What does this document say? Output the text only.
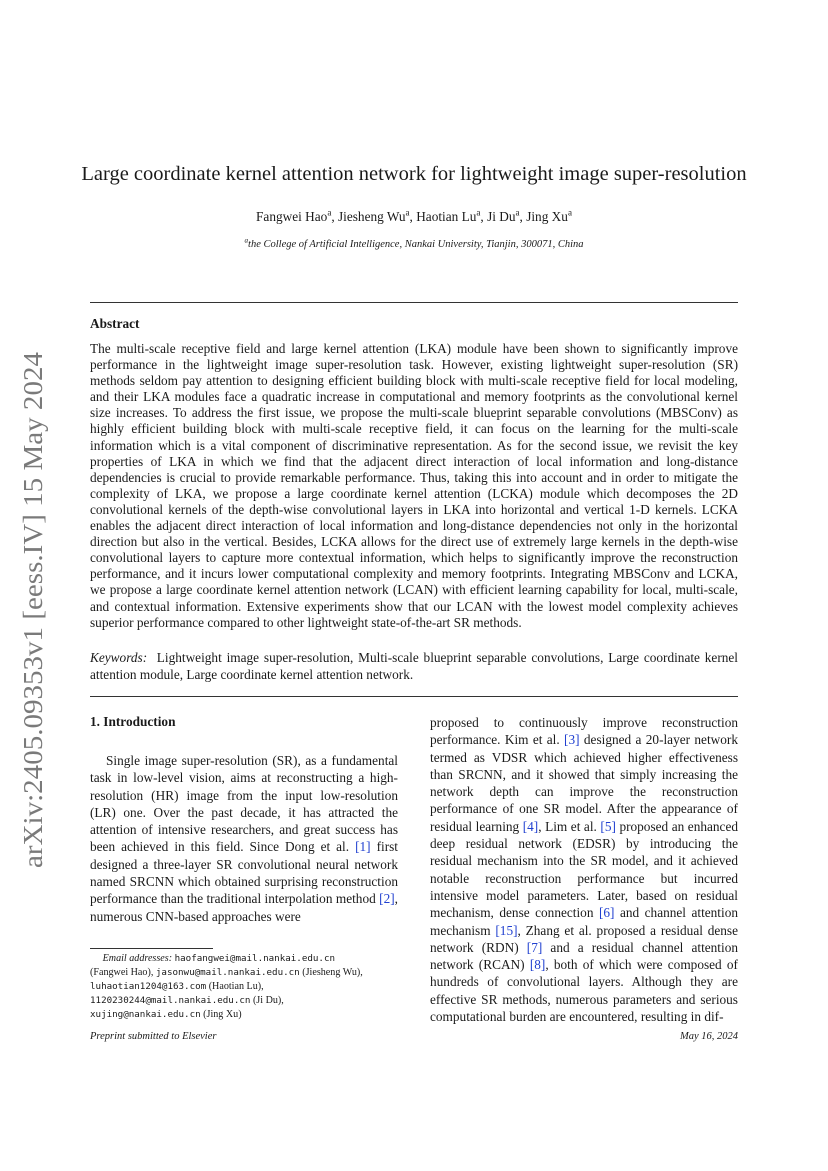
arXiv:2405.09353v1 [eess.IV] 15 May 2024
Large coordinate kernel attention network for lightweight image super-resolution
Fangwei Hao$^a$, Jiesheng Wu$^a$, Haotian Lu$^a$, Ji Du$^a$, Jing Xu$^a$
$^a$the College of Artificial Intelligence, Nankai University, Tianjin, 300071, China
Abstract
The multi-scale receptive field and large kernel attention (LKA) module have been shown to significantly improve performance in the lightweight image super-resolution task. However, existing lightweight super-resolution (SR) methods seldom pay attention to designing efficient building block with multi-scale receptive field for local modeling, and their LKA modules face a quadratic increase in computational and memory footprints as the convolutional kernel size increases. To address the first issue, we propose the multi-scale blueprint separable convolutions (MBSConv) as highly efficient building block with multi-scale receptive field, it can focus on the learning for the multi-scale information which is a vital component of discriminative representation. As for the second issue, we revisit the key properties of LKA in which we find that the adjacent direct interaction of local information and long-distance dependencies is crucial to provide remarkable performance. Thus, taking this into account and in order to mitigate the complexity of LKA, we propose a large coordinate kernel attention (LCKA) module which decomposes the 2D convolutional kernels of the depth-wise convolutional layers in LKA into horizontal and vertical 1-D kernels. LCKA enables the adjacent direct interaction of local information and long-distance dependencies not only in the horizontal direction but also in the vertical. Besides, LCKA allows for the direct use of extremely large kernels in the depth-wise convolutional layers to capture more contextual information, which helps to significantly improve the reconstruction performance, and it incurs lower computational complexity and memory footprints. Integrating MBSConv and LCKA, we propose a large coordinate kernel attention network (LCAN) with efficient learning capability for local, multi-scale, and contextual information. Extensive experiments show that our LCAN with the lowest model complexity achieves superior performance compared to other lightweight state-of-the-art SR methods.
Keywords: Lightweight image super-resolution, Multi-scale blueprint separable convolutions, Large coordinate kernel attention module, Large coordinate kernel attention network.
1. Introduction
Single image super-resolution (SR), as a fundamental task in low-level vision, aims at reconstructing a high-resolution (HR) image from the input low-resolution (LR) one. Over the past decade, it has attracted the attention of intensive researchers, and great success has been achieved in this field. Since Dong et al. [1] first designed a three-layer SR convolutional neural network named SRCNN which obtained surprising reconstruction performance than the traditional interpolation method [2], numerous CNN-based approaches were
proposed to continuously improve reconstruction performance. Kim et al. [3] designed a 20-layer network termed as VDSR which achieved higher effectiveness than SRCNN, and it showed that simply increasing the network depth can improve the reconstruction performance of one SR model. After the appearance of residual learning [4], Lim et al. [5] proposed an enhanced deep residual network (EDSR) by introducing the residual mechanism into the SR model, and it achieved notable reconstruction performance but incurred intensive model parameters. Later, based on residual mechanism, dense connection [6] and channel attention mechanism [15], Zhang et al. proposed a residual dense network (RDN) [7] and a residual channel attention network (RCAN) [8], both of which were composed of hundreds of convolutional layers. Although they are effective SR methods, numerous parameters and serious computational burden are encountered, resulting in dif-
Email addresses: haofangwei@mail.nankai.edu.cn
(Fangwei Hao), jasonwu@mail.nankai.edu.cn (Jiesheng Wu),
luhaotian1204@163.com (Haotian Lu),
1120230244@mail.nankai.edu.cn (Ji Du),
xujing@nankai.edu.cn (Jing Xu)
Preprint submitted to Elsevier	May 16, 2024
